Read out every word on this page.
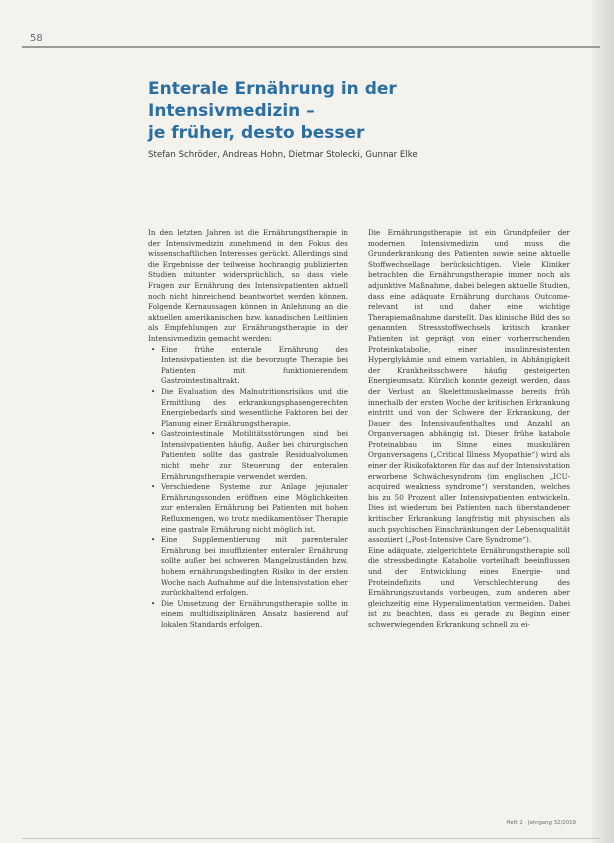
58
Enterale Ernährung in der Intensivmedizin –
je früher, desto besser
Stefan Schröder, Andreas Hohn, Dietmar Stolecki, Gunnar Elke

In den letzten Jahren ist die Ernährungstherapie in der Intensivmedizin zunehmend in den Fokus des wissenschaftlichen Interesses gerückt. Allerdings sind die Ergebnisse der teilweise hochrangig publizierten Studien mitunter widersprüchlich, so dass viele Fragen zur Ernährung des Intensivpatienten aktuell noch nicht hinreichend beantwortet werden können. Folgende Kernaussagen können in Anlehnung an die aktuellen amerikanischen bzw. kanadischen Leitlinien als Empfehlungen zur Ernährungstherapie in der Intensivmedizin gemacht werden:

• Eine frühe enterale Ernährung des Intensivpatienten ist die bevorzugte Therapie bei Patienten mit funktionierendem Gastrointestinaltrakt.
• Die Evaluation des Malnutritionsrisikos und die Ermittlung des erkrankungsphasengerechten Energiebedarfs sind wesentliche Faktoren bei der Planung einer Ernährungstherapie.
• Gastrointestinale Motilitätsstörungen sind bei Intensivpatienten häufig. Außer bei chirurgischen Patienten sollte das gastrale Residualvolumen nicht mehr zur Steuerung der enteralen Ernährungstherapie verwendet werden.
• Verschiedene Systeme zur Anlage jejunaler Ernährungssonden eröffnen eine Möglichkeiten zur enteralen Ernährung bei Patienten mit hohen Refluxmengen, wo trotz medikamentöser Therapie eine gastrale Ernährung nicht möglich ist.
• Eine Supplementierung mit parenteraler Ernährung bei insuffizienter enteraler Ernährung sollte außer bei schweren Mangelzuständen bzw. hohem ernährungsbedingten Risiko in der ersten Woche nach Aufnahme auf die Intensivstation eher zurückhaltend erfolgen.
• Die Umsetzung der Ernährungstherapie sollte in einem multidisziplinären Ansatz basierend auf lokalen Standards erfolgen.

Die Ernährungstherapie ist ein Grundpfeiler der modernen Intensivmedizin und muss die Grunderkrankung des Patienten sowie seine aktuelle Stoffwechsellage berücksichtigen. Viele Kliniker betrachten die Ernährungstherapie immer noch als adjunktive Maßnahme, dabei belegen aktuelle Studien, dass eine adäquate Ernährung durchaus Outcome-relevant ist und daher eine wichtige Therapiemaßnahme darstellt. Das klinische Bild des so genannten Stressstoffwechsels kritisch kranker Patienten ist geprägt von einer vorherrschenden Proteinkatabolie, einer insulinresistenten Hyperglykämie und einem variablen, in Abhängigkeit der Krankheitsschwere häufig gesteigerten Energieumsatz. Kürzlich konnte gezeigt werden, dass der Verlust an Skelettmuskelmasse bereits früh innerhalb der ersten Woche der kritischen Erkrankung eintritt und von der Schwere der Erkrankung, der Dauer des Intensivaufenthaltes und Anzahl an Organversagen abhängig ist. Dieser frühe katabole Proteinabbau im Sinne eines muskulären Organversagens („Critical Illness Myopathie“) wird als einer der Risikofaktoren für das auf der Intensivstation erworbene Schwächesyndrom (im englischen „ICU-acquired weakness syndrome“) verstanden, welches bis zu 50 Prozent aller Intensivpatienten entwickeln. Dies ist wiederum bei Patienten nach überstandener kritischer Erkrankung langfristig mit physischen als auch psychischen Einschränkungen der Lebensqualität assoziiert („Post-Intensive Care Syndrome“).

Eine adäquate, zielgerichtete Ernährungstherapie soll die stressbedingte Katabolie vorteilhaft beeinflussen und der Entwicklung eines Energie- und Proteindefizits und Verschlechterung des Ernährungszustands vorbeugen, zum anderen aber gleichzeitig eine Hyperalimentation vermeiden. Dabei ist zu beachten, dass es gerade zu Beginn einer schwerwiegenden Erkrankung schnell zu ei-

Heft 2 · Jahrgang 32/2019
